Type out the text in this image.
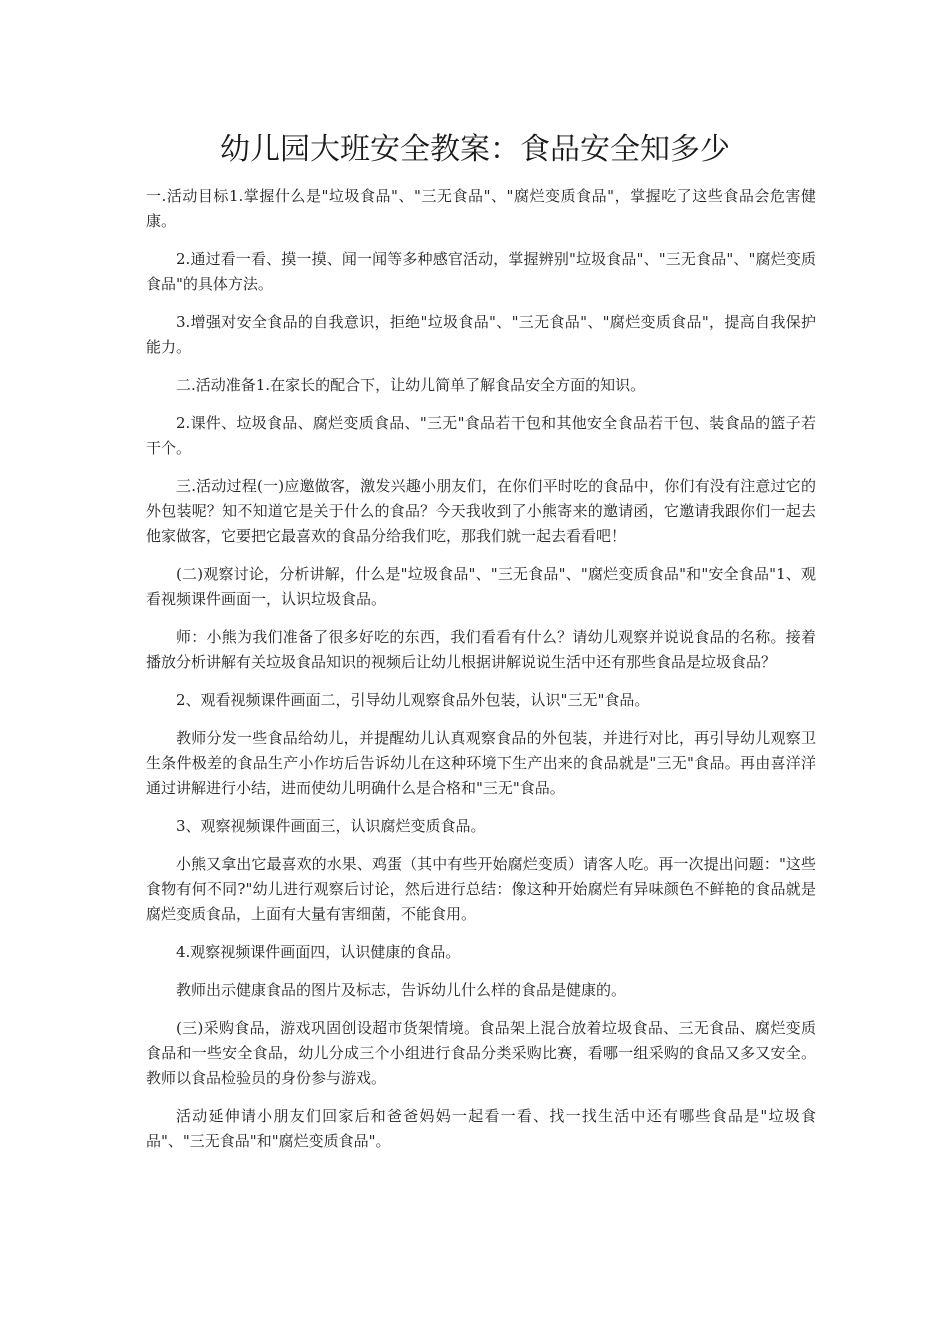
幼儿园大班安全教案：食品安全知多少

一.活动目标1.掌握什么是"垃圾食品"、"三无食品"、"腐烂变质食品"，掌握吃了这些食品会危害健康。

2.通过看一看、摸一摸、闻一闻等多种感官活动，掌握辨别"垃圾食品"、"三无食品"、"腐烂变质食品"的具体方法。

3.增强对安全食品的自我意识，拒绝"垃圾食品"、"三无食品"、"腐烂变质食品"，提高自我保护能力。

二.活动准备1.在家长的配合下，让幼儿简单了解食品安全方面的知识。

2.课件、垃圾食品、腐烂变质食品、"三无"食品若干包和其他安全食品若干包、装食品的篮子若干个。

三.活动过程(一)应邀做客，激发兴趣小朋友们，在你们平时吃的食品中，你们有没有注意过它的外包装呢？知不知道它是关于什么的食品？今天我收到了小熊寄来的邀请函，它邀请我跟你们一起去他家做客，它要把它最喜欢的食品分给我们吃，那我们就一起去看看吧！

(二)观察讨论，分析讲解，什么是"垃圾食品"、"三无食品"、"腐烂变质食品"和"安全食品"1、观看视频课件画面一，认识垃圾食品。

师：小熊为我们准备了很多好吃的东西，我们看看有什么？请幼儿观察并说说食品的名称。接着播放分析讲解有关垃圾食品知识的视频后让幼儿根据讲解说说生活中还有那些食品是垃圾食品？

2、观看视频课件画面二，引导幼儿观察食品外包装，认识"三无"食品。

教师分发一些食品给幼儿，并提醒幼儿认真观察食品的外包装，并进行对比，再引导幼儿观察卫生条件极差的食品生产小作坊后告诉幼儿在这种环境下生产出来的食品就是"三无"食品。再由喜洋洋通过讲解进行小结，进而使幼儿明确什么是合格和"三无"食品。

3、观察视频课件画面三，认识腐烂变质食品。

小熊又拿出它最喜欢的水果、鸡蛋（其中有些开始腐烂变质）请客人吃。再一次提出问题："这些食物有何不同?"幼儿进行观察后讨论，然后进行总结：像这种开始腐烂有异味颜色不鲜艳的食品就是腐烂变质食品，上面有大量有害细菌，不能食用。

4.观察视频课件画面四，认识健康的食品。

教师出示健康食品的图片及标志，告诉幼儿什么样的食品是健康的。

(三)采购食品，游戏巩固创设超市货架情境。食品架上混合放着垃圾食品、三无食品、腐烂变质食品和一些安全食品，幼儿分成三个小组进行食品分类采购比赛，看哪一组采购的食品又多又安全。教师以食品检验员的身份参与游戏。

活动延伸请小朋友们回家后和爸爸妈妈一起看一看、找一找生活中还有哪些食品是"垃圾食品"、"三无食品"和"腐烂变质食品"。
